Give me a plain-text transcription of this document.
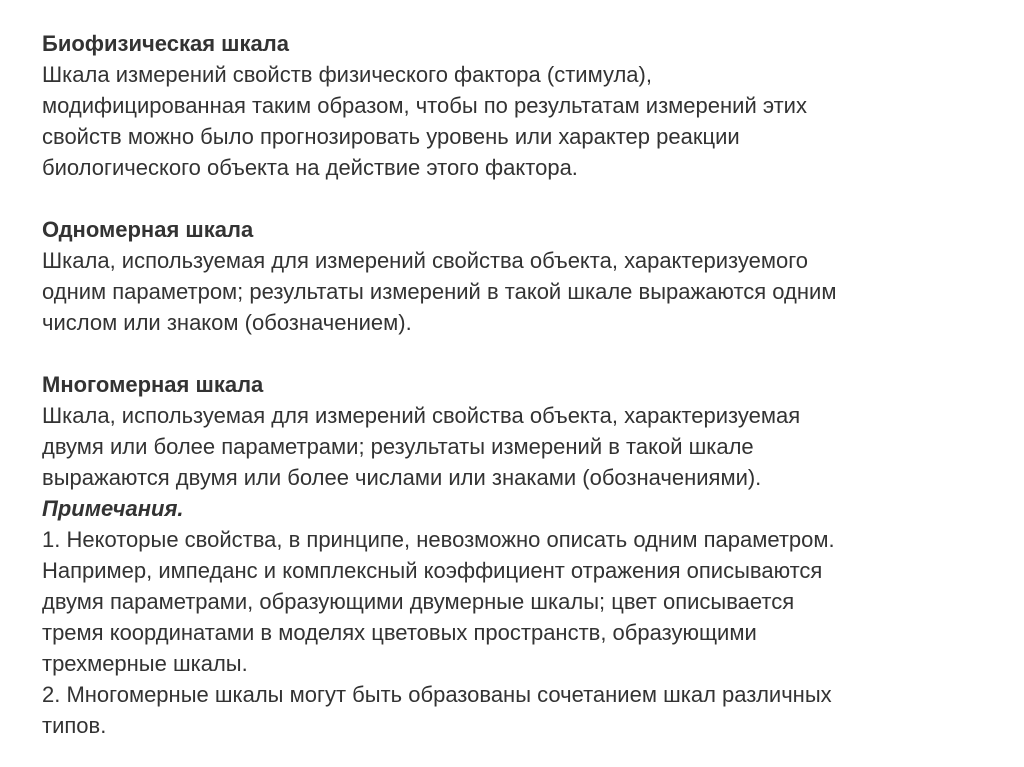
Биофизическая шкала
Шкала измерений свойств физического фактора (стимула),
модифицированная таким образом, чтобы по результатам измерений этих
свойств можно было прогнозировать уровень или характер реакции
биологического объекта на действие этого фактора.
Одномерная шкала
Шкала, используемая для измерений свойства объекта, характеризуемого
одним параметром; результаты измерений в такой шкале выражаются одним
числом или знаком (обозначением).
Многомерная шкала
Шкала, используемая для измерений свойства объекта, характеризуемая
двумя или более параметрами; результаты измерений в такой шкале
выражаются двумя или более числами или знаками (обозначениями).
Примечания.
1. Некоторые свойства, в принципе, невозможно описать одним параметром.
Например, импеданс и комплексный коэффициент отражения описываются
двумя параметрами, образующими двумерные шкалы; цвет описывается
тремя координатами в моделях цветовых пространств, образующими
трехмерные шкалы.
2. Многомерные шкалы могут быть образованы сочетанием шкал различных
типов.
